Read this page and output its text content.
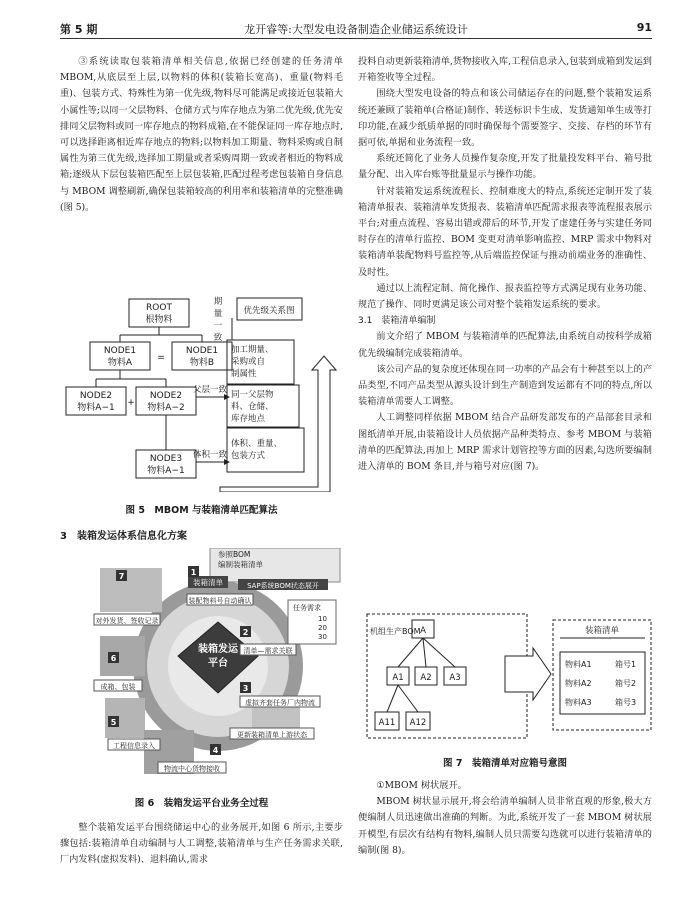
第 5 期	龙开睿等:大型发电设备制造企业储运系统设计	91

③系统读取包装箱清单相关信息,依据已经创建的任务清单 MBOM,从底层至上层,以物料的体积(装箱长宽高)、重量(物料毛重)、包装方式、特殊性为第一优先级,物料尽可能满足或接近包装箱大小属性等;以同一父层物料、仓储方式与库存地点为第二优先级,优先安排同父层物料或同一库存地点的物料成箱,在不能保证同一库存地点时,可以选择距离相近库存地点的物料;以物料加工期量、物料采购或自制属性为第三优先级,选择加工期量或者采购周期一致或者相近的物料成箱;逐级从下层包装箱匹配至上层包装箱,匹配过程考虑包装箱自身信息与 MBOM 调整刷新,确保包装箱较高的利用率和装箱清单的完整准确(图 5)。

ROOT
根物料
NODE1
物料A
NODE1
物料B
NODE2
物料A−1
NODE2
物料A−2
NODE3
物料A−1
=
+
父层一致
体积一致
期
量
一
致
优先级关系图
加工期量、
采购或自
制属性
同一父层物
料、仓储、
库存地点
体积、重量、
包装方式
图 5　MBOM 与装箱清单匹配算法
3　装箱发运体系信息化方案
装箱发运
平台
参照BOM
编制装箱清单
任务需求
10
20
30
装箱清单	SAP系统BOM状态展开
装配物料号自动确认
清单—需求关联
虚拟齐套任务厂内物流
更新装箱清单上游状态
物流中心货物接收
工程信息录入
成箱、包装
对外发货、签收记录
7	1
2
3
4
5
6
图 6　装箱发运平台业务全过程

整个装箱发运平台围绕储运中心的业务展开,如图 6 所示,主要步骤包括:装箱清单自动编制与人工调整,装箱清单与生产任务需求关联,厂内发料(虚拟发料)、退料确认,需求

投料自动更新装箱清单,货物接收入库,工程信息录入,包装到成箱到发运到开箱签收等全过程。

围绕大型发电设备的特点和该公司储运存在的问题,整个装箱发运系统还兼顾了装箱单(合格证)制作、转送标识卡生成、发货通知单生成等打印功能,在减少纸质单据的同时确保每个需要签字、交接、存档的环节有据可依,单据和业务流程一致。

系统还简化了业务人员操作复杂度,开发了批量投发料平台、箱号批量分配、出入库台账等批量显示与操作功能。

针对装箱发运系统流程长、控制难度大的特点,系统还定制开发了装箱清单报表、装箱清单发货报表、装箱清单匹配需求报表等流程报表展示平台;对重点流程、容易出错或滞后的环节,开发了虚建任务与实建任务同时存在的清单行监控、BOM 变更对清单影响监控、MRP 需求中物料对装箱清单装配物料号监控等,从后端监控保证与推动前端业务的准确性、及时性。

通过以上流程定制、简化操作、报表监控等方式满足现有业务功能、规范了操作、同时更满足该公司对整个装箱发运系统的要求。

3.1　装箱清单编制

前文介绍了 MBOM 与装箱清单的匹配算法,由系统自动按科学成箱优先级编制完成装箱清单。

该公司产品的复杂度还体现在同一功率的产品会有十种甚至以上的产品类型,不同产品类型从源头设计到生产制造到发运都有不同的特点,所以装箱清单需要人工调整。

人工调整同样依据 MBOM 结合产品研发部发布的产品部套目录和图纸清单开展,由装箱设计人员依据产品种类特点、参考 MBOM 与装箱清单的匹配算法,再加上 MRP 需求计划管控等方面的因素,勾选所要编制进入清单的 BOM 条目,并与箱号对应(图 7)。

A
A1 A2 A3
A11 A12
装箱清单
机组生产BOM
物料A1	箱号1
物料A2	箱号2
物料A3	箱号3
图 7　装箱清单对应箱号意图

①MBOM 树状展开。

MBOM 树状显示展开,将会给清单编制人员非常直观的形象,极大方便编制人员迅速做出准确的判断。为此,系统开发了一套 MBOM 树状展开模型,有层次有结构有物料,编制人员只需要勾选就可以进行装箱清单的编制(图 8)。
